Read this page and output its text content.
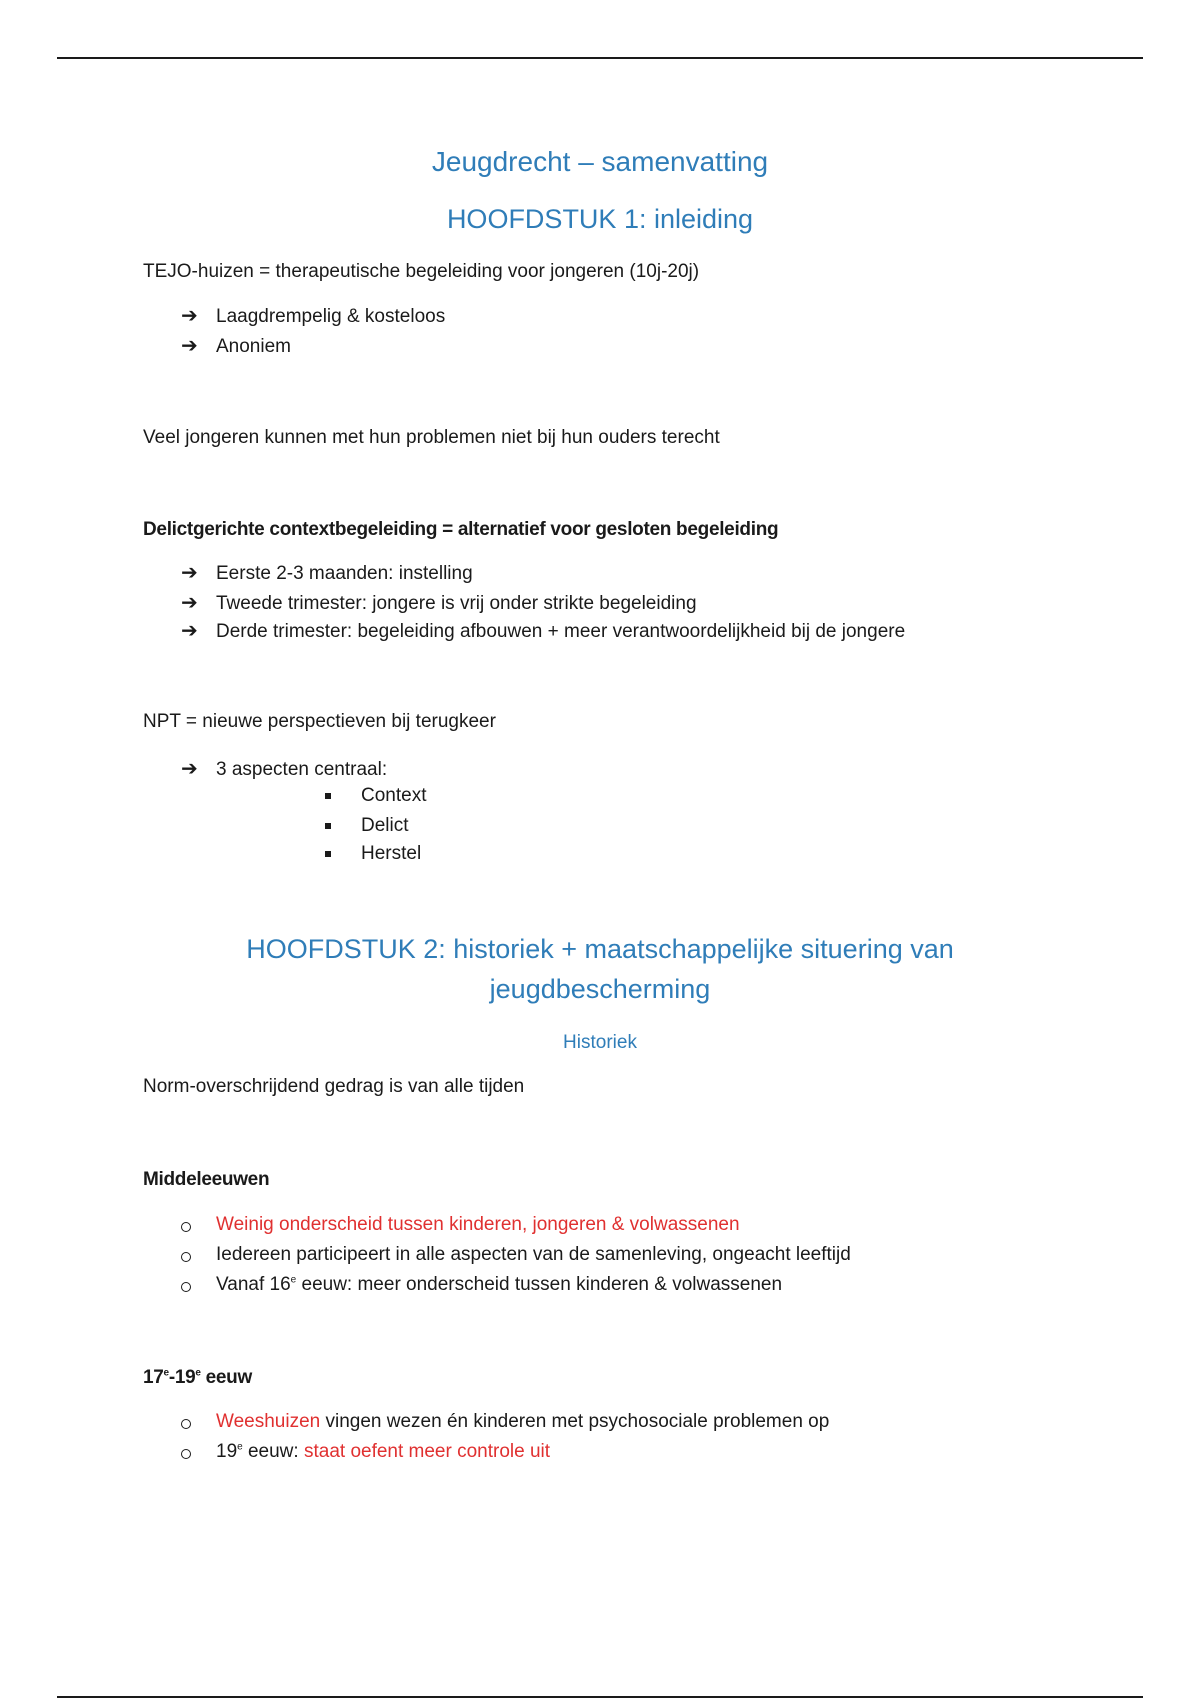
Jeugdrecht – samenvatting
HOOFDSTUK 1: inleiding
TEJO-huizen = therapeutische begeleiding voor jongeren (10j-20j)
➔ Laagdrempelig & kosteloos
➔ Anoniem
Veel jongeren kunnen met hun problemen niet bij hun ouders terecht
Delictgerichte contextbegeleiding = alternatief voor gesloten begeleiding
➔ Eerste 2-3 maanden: instelling
➔ Tweede trimester: jongere is vrij onder strikte begeleiding
➔ Derde trimester: begeleiding afbouwen + meer verantwoordelijkheid bij de jongere
NPT = nieuwe perspectieven bij terugkeer
➔ 3 aspecten centraal:
Context
Delict
Herstel
HOOFDSTUK 2: historiek + maatschappelijke situering van
jeugdbescherming
Historiek
Norm-overschrijdend gedrag is van alle tijden
Middeleeuwen
Weinig onderscheid tussen kinderen, jongeren & volwassenen
Iedereen participeert in alle aspecten van de samenleving, ongeacht leeftijd
Vanaf 16e eeuw: meer onderscheid tussen kinderen & volwassenen
17e-19e eeuw
Weeshuizen vingen wezen én kinderen met psychosociale problemen op
19e eeuw: staat oefent meer controle uit
